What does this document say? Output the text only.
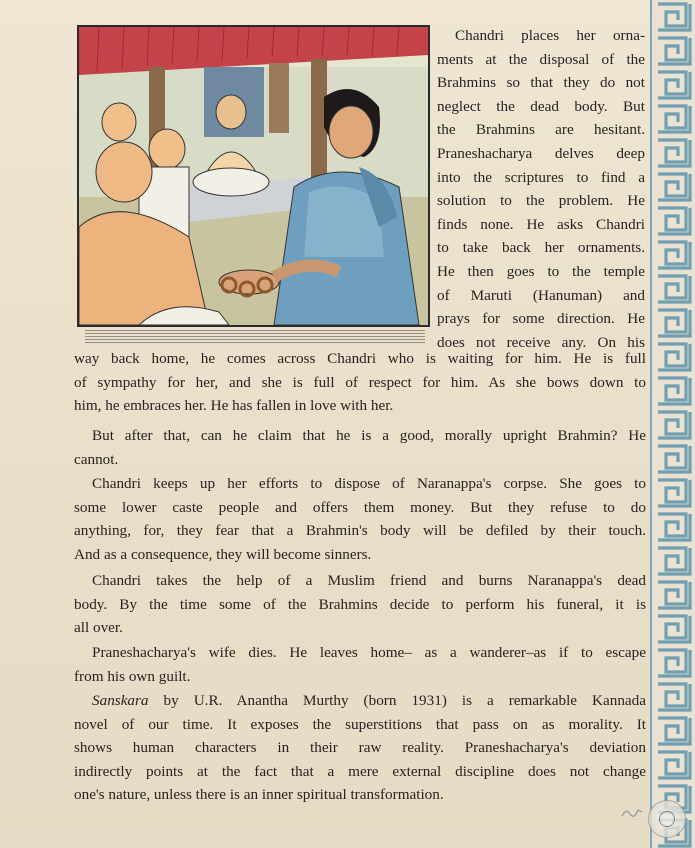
Chandri places her orna-
ments at the disposal of the
Brahmins so that they do not
neglect the dead body. But
the Brahmins are hesitant.
Praneshacharya delves deep
into the scriptures to find a
solution to the problem. He
finds none. He asks Chandri
to take back her ornaments.
He then goes to the temple
of Maruti (Hanuman) and
prays for some direction. He
does not receive any. On his
way back home, he comes across Chandri who is waiting for him. He is full
of sympathy for her, and she is full of respect for him. As she bows down to
him, he embraces her. He has fallen in love with her.
But after that, can he claim that he is a good, morally upright Brahmin? He
cannot.
Chandri keeps up her efforts to dispose of Naranappa's corpse. She goes to
some lower caste people and offers them money. But they refuse to do
anything, for, they fear that a Brahmin's body will be defiled by their touch.
And as a consequence, they will become sinners.
Chandri takes the help of a Muslim friend and burns Naranappa's dead
body. By the time some of the Brahmins decide to perform his funeral, it is
all over.
Praneshacharya's wife dies. He leaves home– as a wanderer–as if to escape
from his own guilt.
Sanskara by U.R. Anantha Murthy (born 1931) is a remarkable Kannada
novel of our time. It exposes the superstitions that pass on as morality. It
shows human characters in their raw reality. Praneshacharya's deviation
indirectly points at the fact that a mere external discipline does not change
one's nature, unless there is an inner spiritual transformation.
